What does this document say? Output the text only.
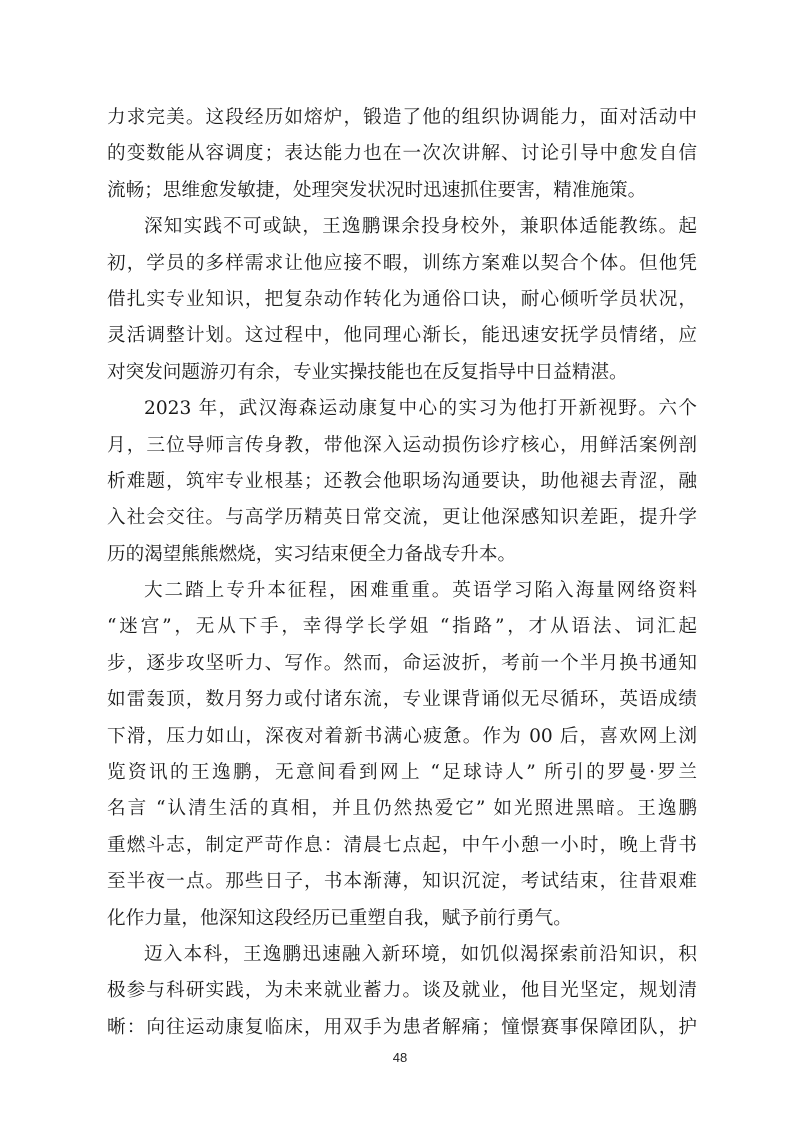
力求完美。这段经历如熔炉，锻造了他的组织协调能力，面对活动中
的变数能从容调度；表达能力也在一次次讲解、讨论引导中愈发自信
流畅；思维愈发敏捷，处理突发状况时迅速抓住要害，精准施策。
深知实践不可或缺，王逸鹏课余投身校外，兼职体适能教练。起
初，学员的多样需求让他应接不暇，训练方案难以契合个体。但他凭
借扎实专业知识，把复杂动作转化为通俗口诀，耐心倾听学员状况，
灵活调整计划。这过程中，他同理心渐长，能迅速安抚学员情绪，应
对突发问题游刃有余，专业实操技能也在反复指导中日益精湛。
2023 年，武汉海森运动康复中心的实习为他打开新视野。六个
月，三位导师言传身教，带他深入运动损伤诊疗核心，用鲜活案例剖
析难题，筑牢专业根基；还教会他职场沟通要诀，助他褪去青涩，融
入社会交往。与高学历精英日常交流，更让他深感知识差距，提升学
历的渴望熊熊燃烧，实习结束便全力备战专升本。
大二踏上专升本征程，困难重重。英语学习陷入海量网络资料
“迷宫”，无从下手，幸得学长学姐 “指路”，才从语法、词汇起
步，逐步攻坚听力、写作。然而，命运波折，考前一个半月换书通知
如雷轰顶，数月努力或付诸东流，专业课背诵似无尽循环，英语成绩
下滑，压力如山，深夜对着新书满心疲惫。作为 00 后，喜欢网上浏
览资讯的王逸鹏，无意间看到网上 “足球诗人” 所引的罗曼·罗兰
名言 “认清生活的真相，并且仍然热爱它” 如光照进黑暗。王逸鹏
重燃斗志，制定严苛作息：清晨七点起，中午小憩一小时，晚上背书
至半夜一点。那些日子，书本渐薄，知识沉淀，考试结束，往昔艰难
化作力量，他深知这段经历已重塑自我，赋予前行勇气。
迈入本科，王逸鹏迅速融入新环境，如饥似渴探索前沿知识，积
极参与科研实践，为未来就业蓄力。谈及就业，他目光坚定，规划清
晰：向往运动康复临床，用双手为患者解痛；憧憬赛事保障团队，护
48
